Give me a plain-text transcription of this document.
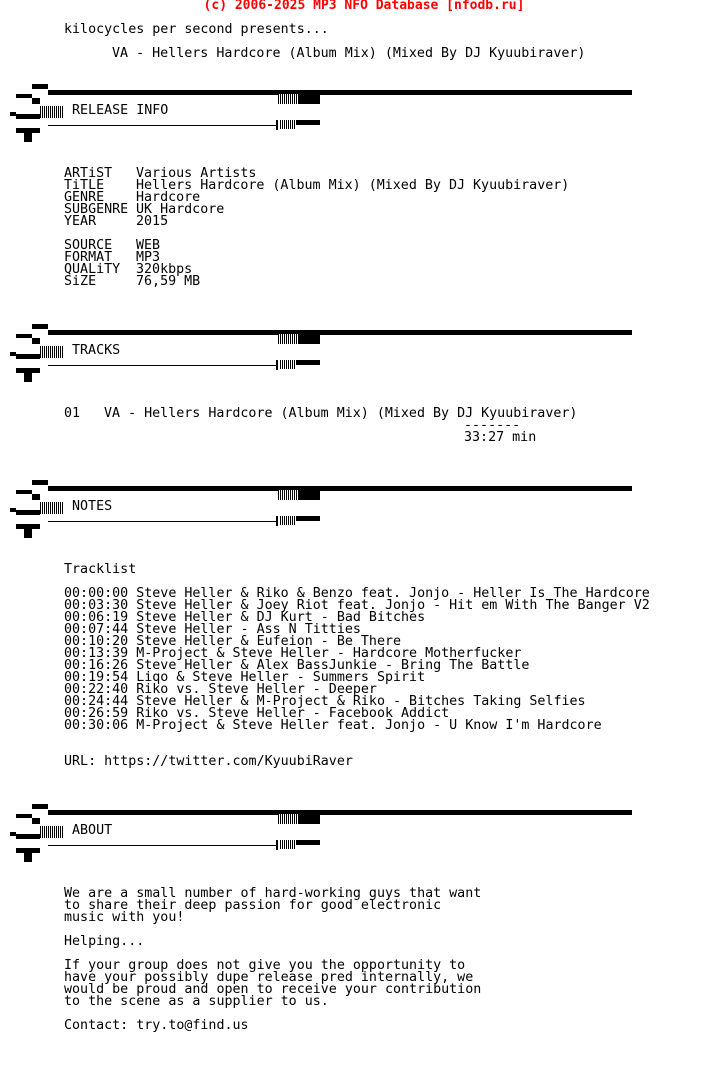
(c) 2006-2025 MP3 NFO Database [nfodb.ru]
kilocycles per second presents...
VA - Hellers Hardcore (Album Mix) (Mixed By DJ Kyuubiraver)
RELEASE INFO
ARTiST Various Artists
TiTLE Hellers Hardcore (Album Mix) (Mixed By DJ Kyuubiraver)
GENRE Hardcore
SUBGENRE UK Hardcore
YEAR	2015
SOURCE WEB
FORMAT MP3
QUALiTY 320kbps
SiZE	76,59 MB
TRACKS
01 VA - Hellers Hardcore (Album Mix) (Mixed By DJ Kyuubiraver)
-------
33:27 min
NOTES
Tracklist
00:00:00 Steve Heller & Riko & Benzo feat. Jonjo - Heller Is The Hardcore
00:03:30 Steve Heller & Joey Riot feat. Jonjo - Hit em With The Banger V2
00:06:19 Steve Heller & DJ Kurt - Bad Bitches
00:07:44 Steve Heller - Ass N Titties
00:10:20 Steve Heller & Eufeion - Be There
00:13:39 M-Project & Steve Heller - Hardcore Motherfucker
00:16:26 Steve Heller & Alex BassJunkie - Bring The Battle
00:19:54 Liqo & Steve Heller - Summers Spirit
00:22:40 Riko vs. Steve Heller - Deeper
00:24:44 Steve Heller & M-Project & Riko - Bitches Taking Selfies
00:26:59 Riko vs. Steve Heller - Facebook Addict
00:30:06 M-Project & Steve Heller feat. Jonjo - U Know I'm Hardcore
URL: https://twitter.com/KyuubiRaver
ABOUT
We are a small number of hard-working guys that want
to share their deep passion for good electronic
music with you!
Helping...
If your group does not give you the opportunity to
have your possibly dupe release pred internally, we
would be proud and open to receive your contribution
to the scene as a supplier to us.
Contact: try.to@find.us
